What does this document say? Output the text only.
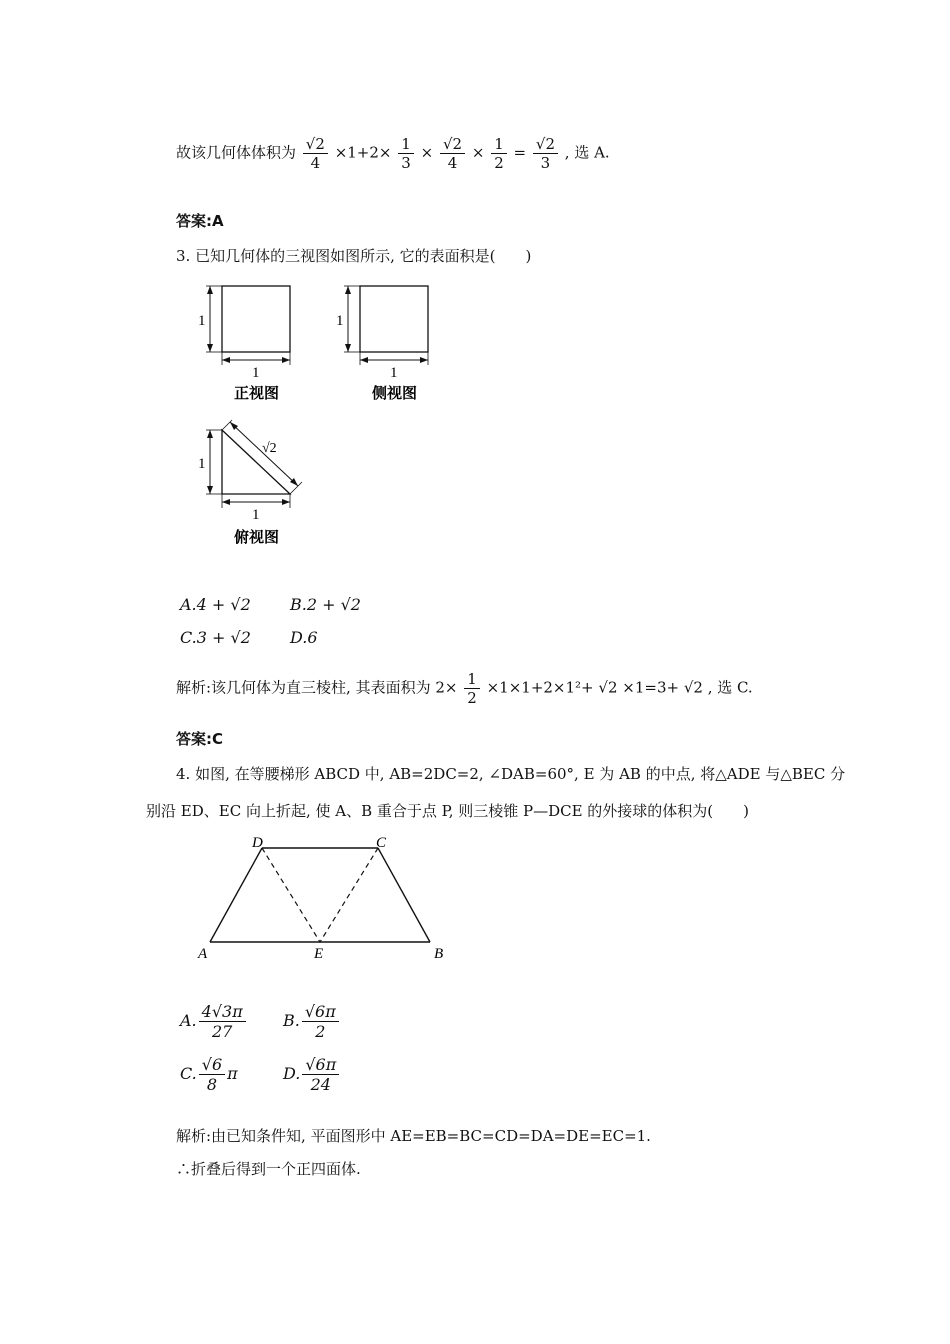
故该几何体体积为 $\frac{√2}{4} \times 1+2\times \frac{1}{3} \times \frac{√2}{4} \times \frac{1}{2} = \frac{√2}{3}$ , 选 A.
答案:A
3. 已知几何体的三视图如图所示, 它的表面积是(　　)
1
1
正视图
1
1
侧视图
1
1
√2
俯视图
A.4 + √2 B.2 + √2
C.3 + √2 D.6
解析:该几何体为直三棱柱, 其表面积为 $2\times \frac{1}{2} \times 1\times 1+2\times 1^2+ √2 \times 1=3+ √2$ , 选 C.
答案:C
4. 如图, 在等腰梯形 ABCD 中, AB=2DC=2, ∠DAB=60°, E 为 AB 的中点, 将△ADE 与△BEC 分
别沿 ED、EC 向上折起, 使 A、B 重合于点 P, 则三棱锥 P—DCE 的外接球的体积为(　　)
A	E	B
D	C
A. $\frac{4√3\pi}{27} B$. $\frac{√6\pi}{2}$
C. $\frac{√6}{8}$ π	D. $\frac{√6\pi}{24}$
解析:由已知条件知, 平面图形中 AE=EB=BC=CD=DA=DE=EC=1.
∴折叠后得到一个正四面体.
